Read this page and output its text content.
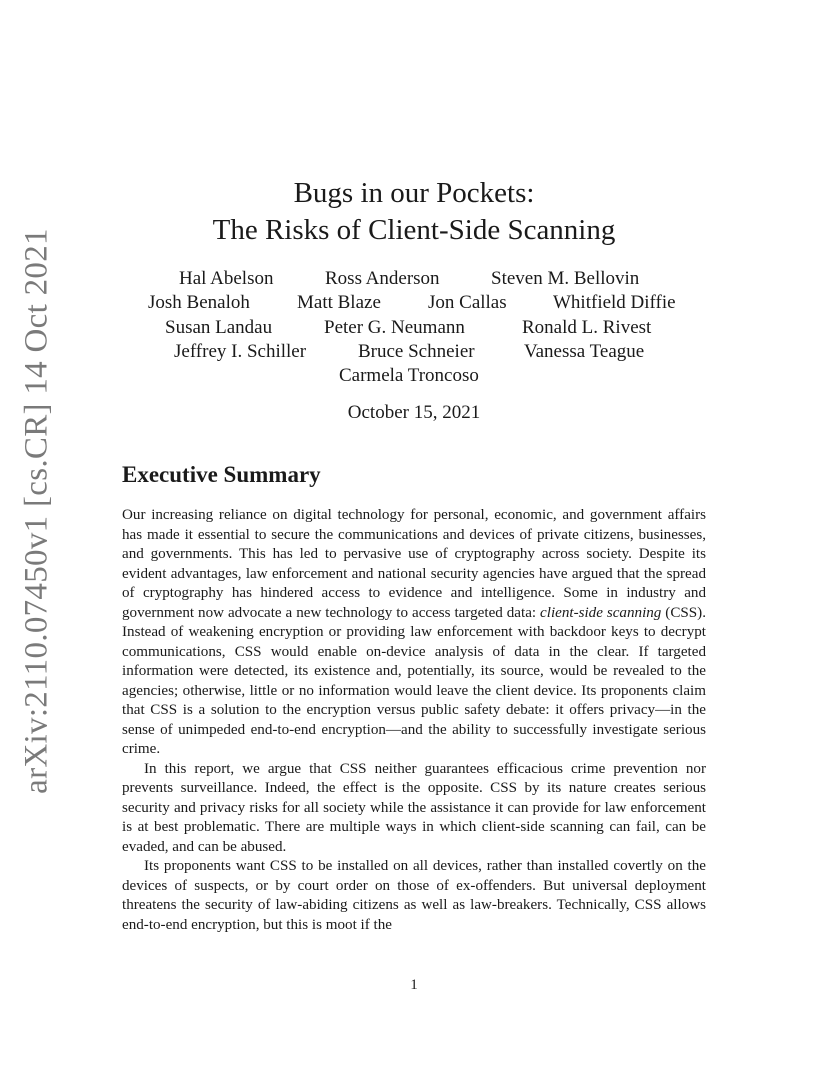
arXiv:2110.07450v1 [cs.CR] 14 Oct 2021
Bugs in our Pockets:
The Risks of Client-Side Scanning
Hal Abelson	Ross Anderson	Steven M. Bellovin
Josh Benaloh Matt Blaze Jon Callas Whitfield Diffie
Susan Landau	Peter G. Neumann	Ronald L. Rivest
Jeffrey I. Schiller	Bruce Schneier	Vanessa Teague
Carmela Troncoso
October 15, 2021
Executive Summary

Our increasing reliance on digital technology for personal, economic, and government affairs has made it essential to secure the communications and devices of private citizens, businesses, and governments. This has led to pervasive use of cryptography across society. Despite its evident advantages, law enforcement and national security agencies have argued that the spread of cryptography has hindered access to evidence and intelligence. Some in industry and government now advocate a new technology to access targeted data: client-side scanning (CSS). Instead of weakening encryption or providing law enforcement with backdoor keys to decrypt communications, CSS would enable on-device analysis of data in the clear. If targeted information were detected, its existence and, potentially, its source, would be revealed to the agencies; otherwise, little or no information would leave the client device. Its proponents claim that CSS is a solution to the encryption versus public safety debate: it offers privacy—in the sense of unimpeded end-to-end encryption—and the ability to successfully investigate serious crime.

In this report, we argue that CSS neither guarantees efficacious crime prevention nor prevents surveillance. Indeed, the effect is the opposite. CSS by its nature creates serious security and privacy risks for all society while the assistance it can provide for law enforcement is at best problematic. There are multiple ways in which client-side scanning can fail, can be evaded, and can be abused.

Its proponents want CSS to be installed on all devices, rather than installed covertly on the devices of suspects, or by court order on those of ex-offenders. But universal deployment threatens the security of law-abiding citizens as well as law-breakers. Technically, CSS allows end-to-end encryption, but this is moot if the

1
